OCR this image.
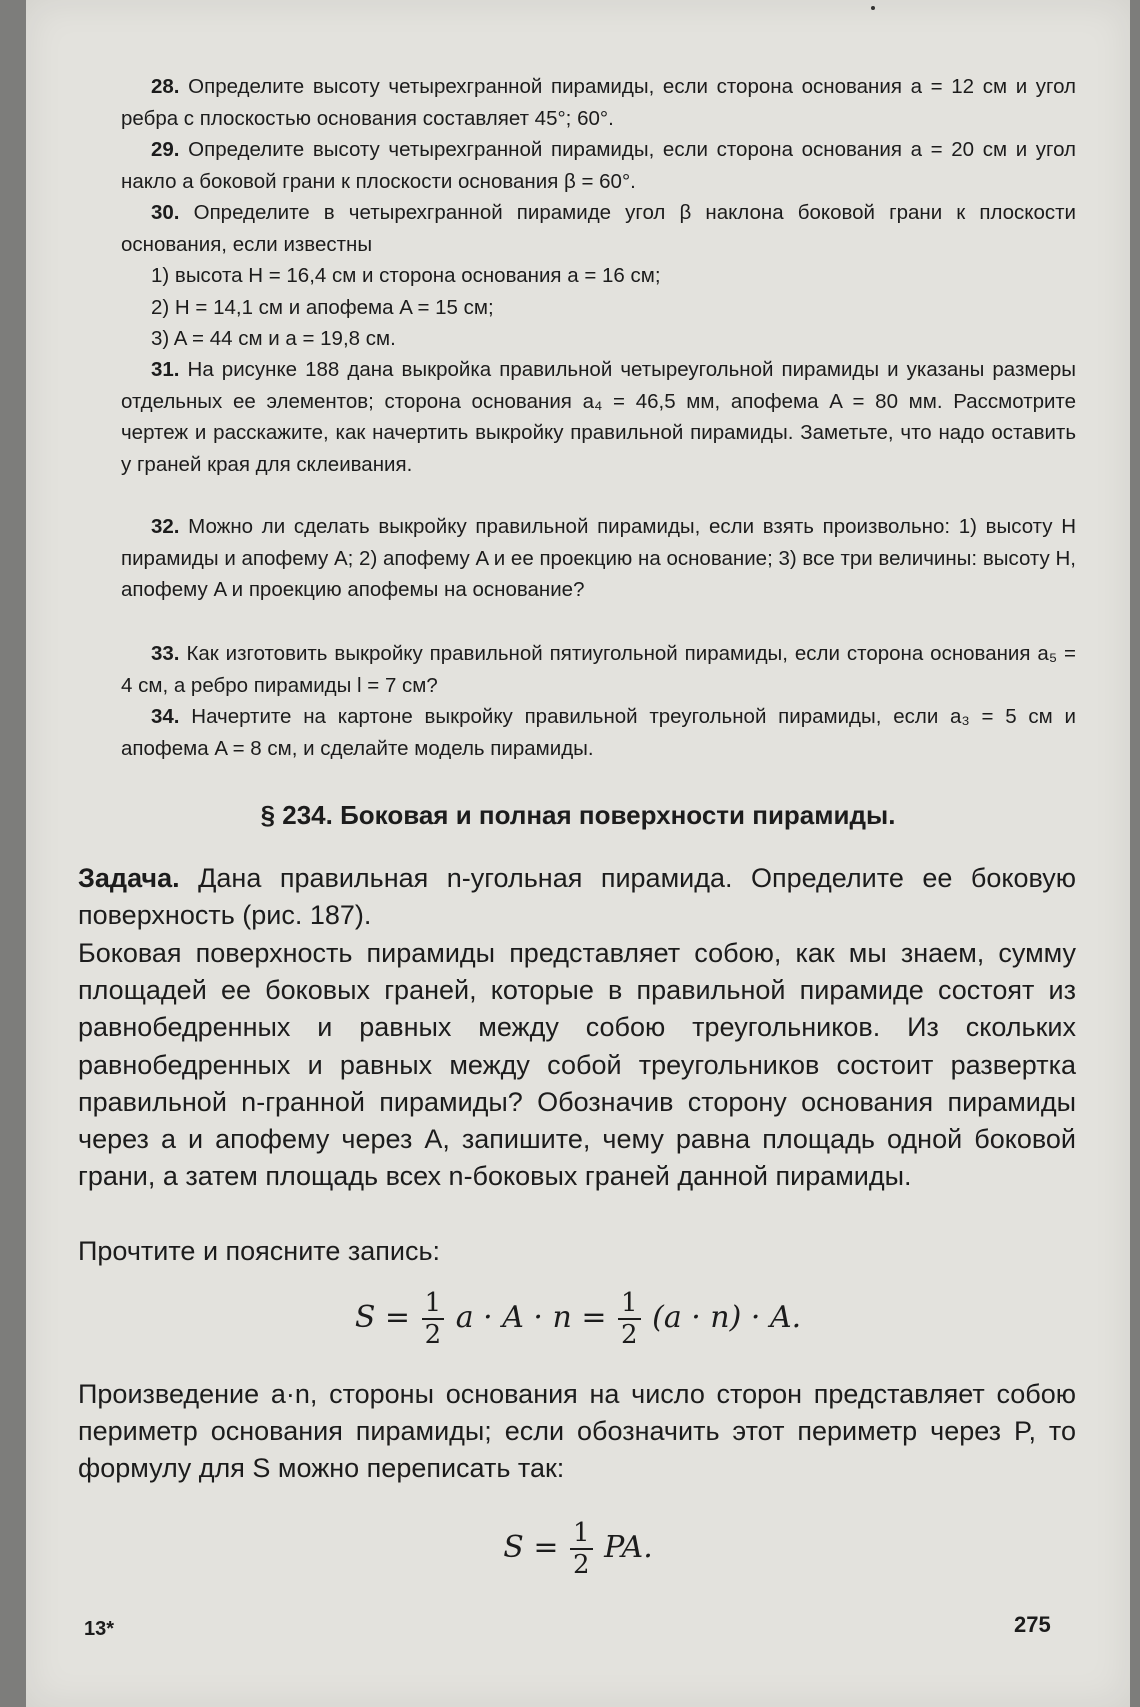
28. Определите высоту четырехгранной пирамиды, если сторона основания a = 12 см и угол ребра с плоскостью основания составляет 45°; 60°.

29. Определите высоту четырехгранной пирамиды, если сторона основания a = 20 см и угол накло а боковой грани к плоскости основания β = 60°.

30. Определите в четырехгранной пирамиде угол β наклона боковой грани к плоскости основания, если известны
1) высота H = 16,4 см и сторона основания a = 16 см;
2) H = 14,1 см и апофема A = 15 см;
3) A = 44 см и a = 19,8 см.

31. На рисунке 188 дана выкройка правильной четыреугольной пирамиды и указаны размеры отдельных ее элементов; сторона основания a₄ = 46,5 мм, апофема A = 80 мм. Рассмотрите чертеж и расскажите, как начертить выкройку правильной пирамиды. Заметьте, что надо оставить у граней края для склеивания.

32. Можно ли сделать выкройку правильной пирамиды, если взять произвольно: 1) высоту H пирамиды и апофему A; 2) апофему A и ее проекцию на основание; 3) все три величины: высоту H, апофему A и проекцию апофемы на основание?

33. Как изготовить выкройку правильной пятиугольной пирамиды, если сторона основания a₅ = 4 см, а ребро пирамиды l = 7 см?

34. Начертите на картоне выкройку правильной треугольной пирамиды, если a₃ = 5 см и апофема A = 8 см, и сделайте модель пирамиды.

§ 234. Боковая и полная поверхности пирамиды.

Задача. Дана правильная n-угольная пирамида. Определите ее боковую поверхность (рис. 187).

Боковая поверхность пирамиды представляет собою, как мы знаем, сумму площадей ее боковых граней, которые в правильной пирамиде состоят из равнобедренных и равных между собою треугольников. Из скольких равнобедренных и равных между собой треугольников состоит развертка правильной n-гранной пирамиды? Обозначив сторону основания пирамиды через a и апофему через A, запишите, чему равна площадь одной боковой грани, а затем площадь всех n-боковых граней данной пирамиды.

Прочтите и поясните запись:

$S = \frac{1}{2}$ $a \cdot A \cdot n = \frac{1}{2} (a \cdot n) \cdot A$.

Произведение a·n, стороны основания на число сторон представляет собою периметр основания пирамиды; если обозначить этот периметр через P, то формулу для S можно переписать так:

$S = \frac{1}{2}$ PA.
13*	275
